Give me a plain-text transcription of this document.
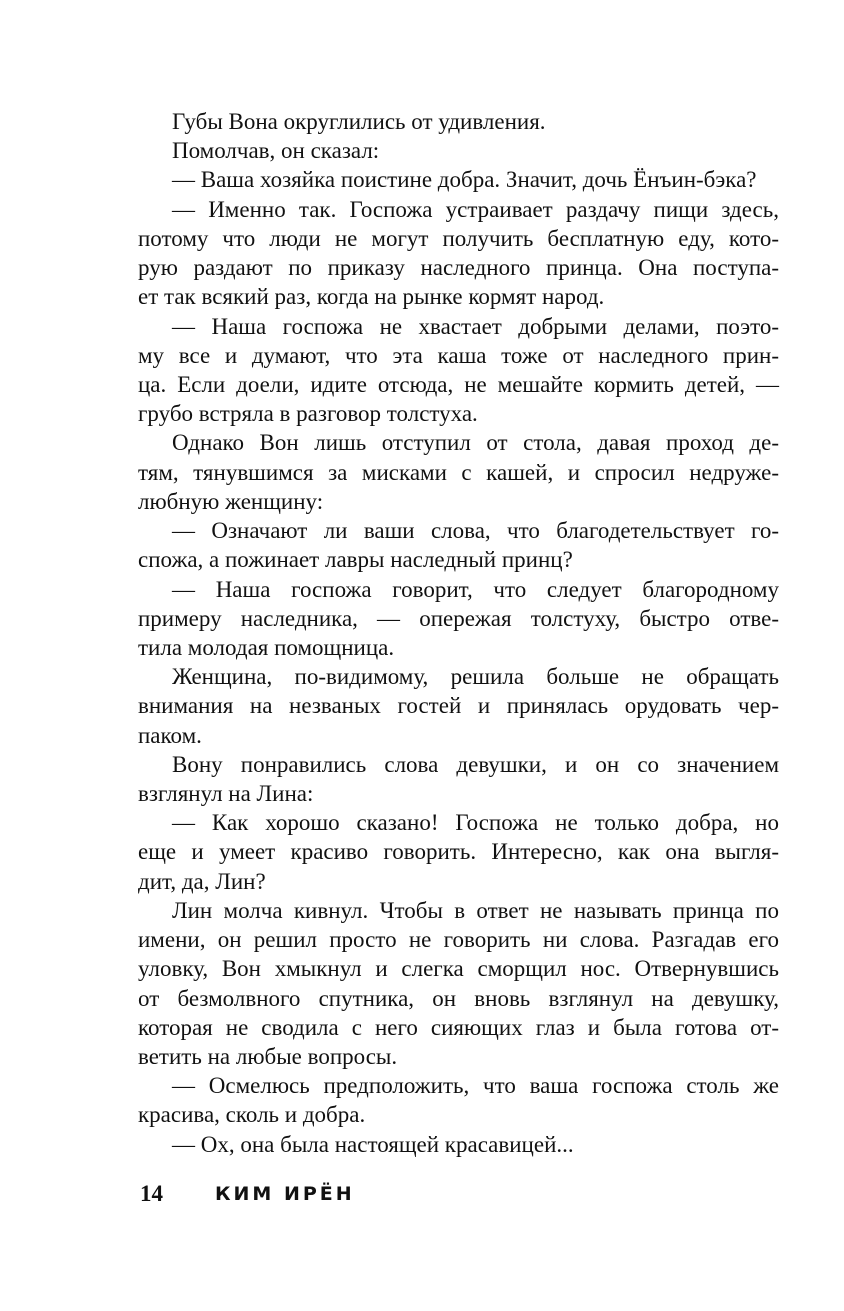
Губы Вона округлились от удивления.
Помолчав, он сказал:
— Ваша хозяйка поистине добра. Значит, дочь Ёнъин-бэка?
— Именно так. Госпожа устраивает раздачу пищи здесь,
потому что люди не могут получить бесплатную еду, кото-
рую раздают по приказу наследного принца. Она поступа-
ет так всякий раз, когда на рынке кормят народ.
— Наша госпожа не хвастает добрыми делами, поэто-
му все и думают, что эта каша тоже от наследного прин-
ца. Если доели, идите отсюда, не мешайте кормить детей, —
грубо встряла в разговор толстуха.
Однако Вон лишь отступил от стола, давая проход де-
тям, тянувшимся за мисками с кашей, и спросил недруже-
любную женщину:
— Означают ли ваши слова, что благодетельствует го-
спожа, а пожинает лавры наследный принц?
— Наша госпожа говорит, что следует благородному
примеру наследника, — опережая толстуху, быстро отве-
тила молодая помощница.
Женщина, по-видимому, решила больше не обращать
внимания на незваных гостей и принялась орудовать чер-
паком.
Вону понравились слова девушки, и он со значением
взглянул на Лина:
— Как хорошо сказано! Госпожа не только добра, но
еще и умеет красиво говорить. Интересно, как она выгля-
дит, да, Лин?
Лин молча кивнул. Чтобы в ответ не называть принца по
имени, он решил просто не говорить ни слова. Разгадав его
уловку, Вон хмыкнул и слегка сморщил нос. Отвернувшись
от безмолвного спутника, он вновь взглянул на девушку,
которая не сводила с него сияющих глаз и была готова от-
ветить на любые вопросы.
— Осмелюсь предположить, что ваша госпожа столь же
красива, сколь и добра.
— Ох, она была настоящей красавицей...
14	КИМ ИРЁН
